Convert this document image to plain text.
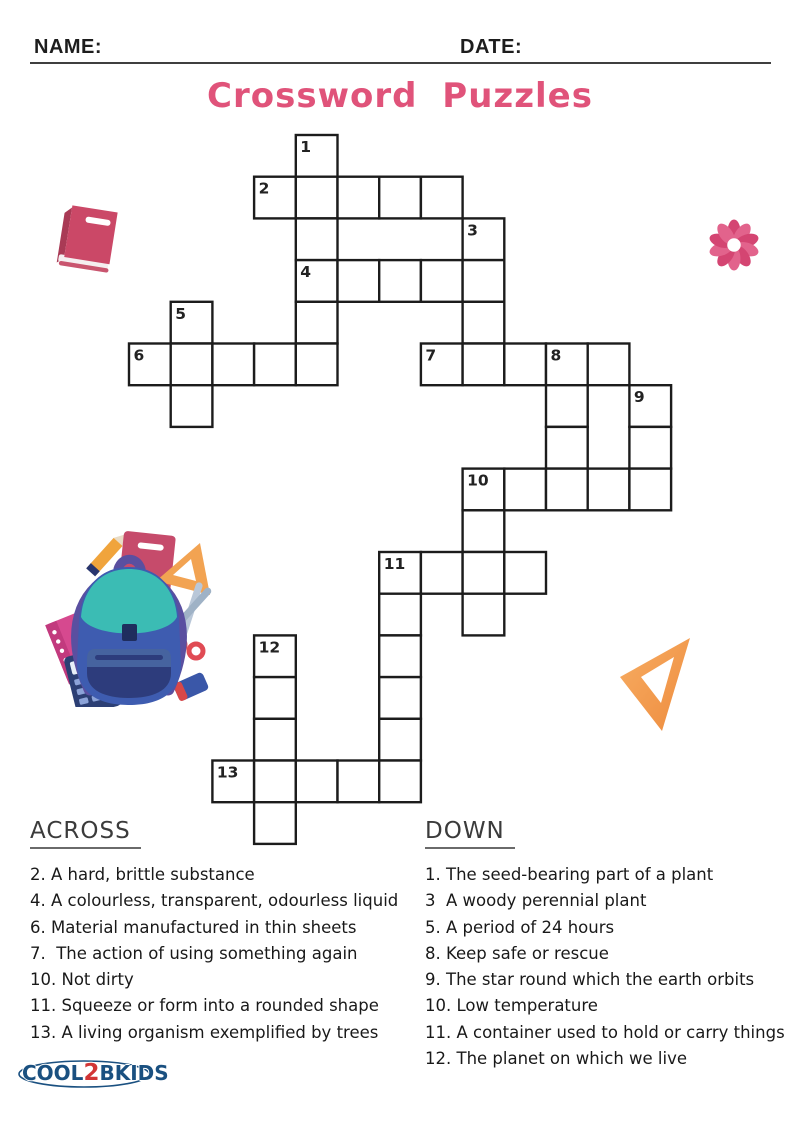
NAME:	DATE:
Crossword Puzzles
1
2
3
4
5
6	7	8
9
10
11
12
13
ACROSS
2. A hard, brittle substance
4. A colourless, transparent, odourless liquid
6. Material manufactured in thin sheets
7.  The action of using something again
10. Not dirty
11. Squeeze or form into a rounded shape
13. A living organism exemplified by trees
DOWN
1. The seed-bearing part of a plant
3  A woody perennial plant
5. A period of 24 hours
8. Keep safe or rescue
9. The star round which the earth orbits
10. Low temperature
11. A container used to hold or carry things
12. The planet on which we live
COOL2BKIDS
